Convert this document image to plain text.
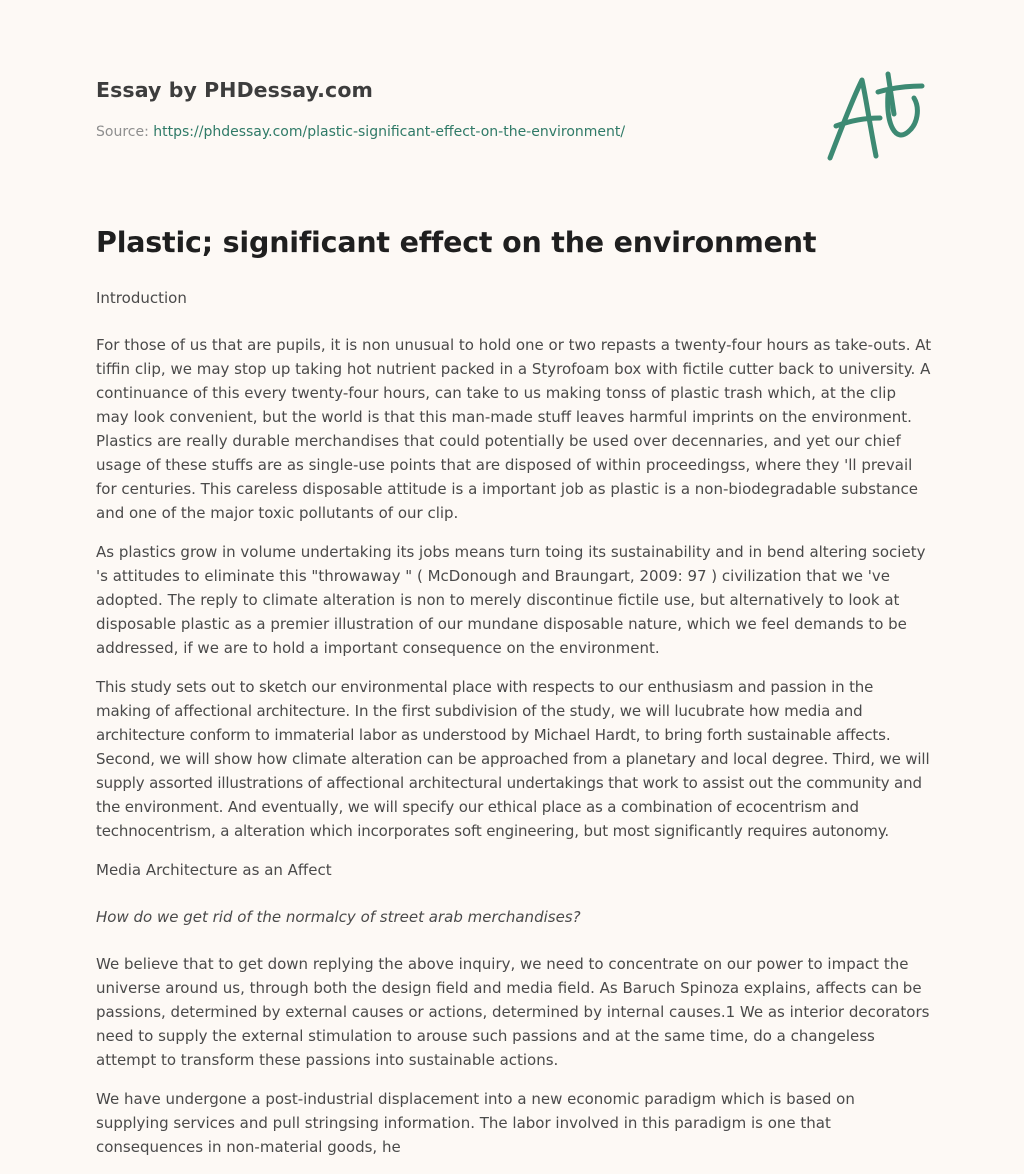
Essay by PHDessay.com
Source: https://phdessay.com/plastic-significant-effect-on-the-environment/
Plastic; significant effect on the environment

Introduction

For those of us that are pupils, it is non unusual to hold one or two repasts a twenty-four hours as take-outs. At tiffin clip, we may stop up taking hot nutrient packed in a Styrofoam box with fictile cutter back to university. A continuance of this every twenty-four hours, can take to us making tonss of plastic trash which, at the clip may look convenient, but the world is that this man-made stuff leaves harmful imprints on the environment. Plastics are really durable merchandises that could potentially be used over decennaries, and yet our chief usage of these stuffs are as single-use points that are disposed of within proceedingss, where they 'll prevail for centuries. This careless disposable attitude is a important job as plastic is a non-biodegradable substance and one of the major toxic pollutants of our clip.

As plastics grow in volume undertaking its jobs means turn toing its sustainability and in bend altering society 's attitudes to eliminate this "throwaway " ( McDonough and Braungart, 2009: 97 ) civilization that we 've adopted. The reply to climate alteration is non to merely discontinue fictile use, but alternatively to look at disposable plastic as a premier illustration of our mundane disposable nature, which we feel demands to be addressed, if we are to hold a important consequence on the environment.

This study sets out to sketch our environmental place with respects to our enthusiasm and passion in the making of affectional architecture. In the first subdivision of the study, we will lucubrate how media and architecture conform to immaterial labor as understood by Michael Hardt, to bring forth sustainable affects. Second, we will show how climate alteration can be approached from a planetary and local degree. Third, we will supply assorted illustrations of affectional architectural undertakings that work to assist out the community and the environment. And eventually, we will specify our ethical place as a combination of ecocentrism and technocentrism, a alteration which incorporates soft engineering, but most significantly requires autonomy.

Media Architecture as an Affect

How do we get rid of the normalcy of street arab merchandises?

We believe that to get down replying the above inquiry, we need to concentrate on our power to impact the universe around us, through both the design field and media field. As Baruch Spinoza explains, affects can be passions, determined by external causes or actions, determined by internal causes.1 We as interior decorators need to supply the external stimulation to arouse such passions and at the same time, do a changeless attempt to transform these passions into sustainable actions.

We have undergone a post-industrial displacement into a new economic paradigm which is based on supplying services and pull stringsing information. The labor involved in this paradigm is one that consequences in non-material goods, he
